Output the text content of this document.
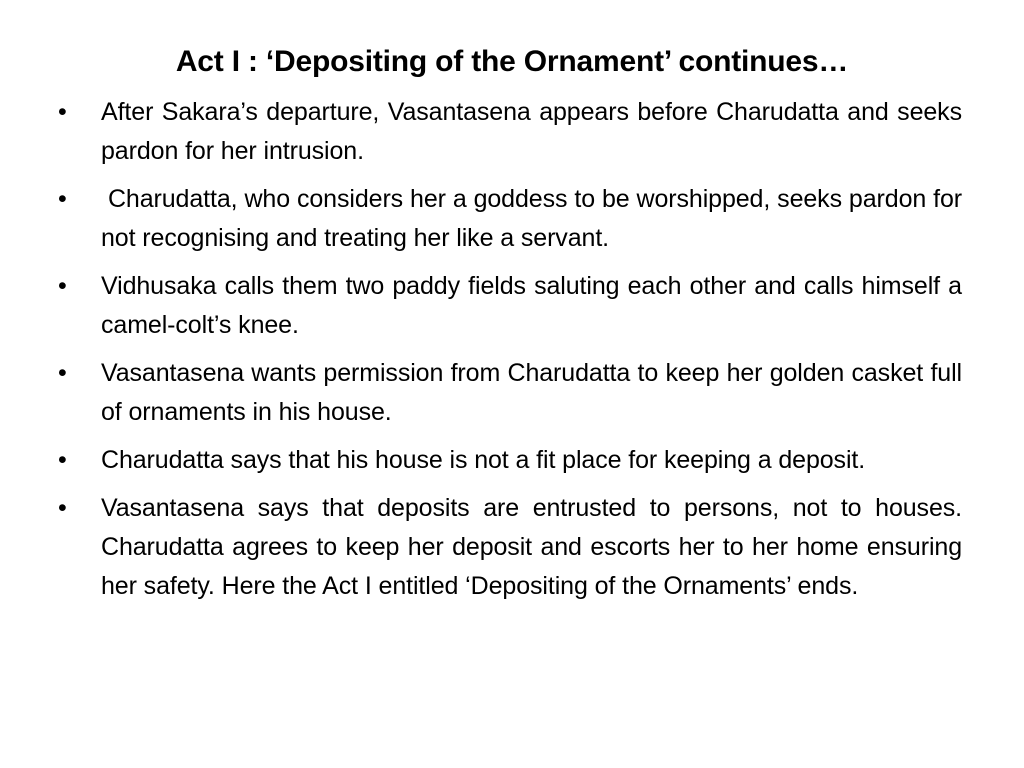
Act I : ‘Depositing of the Ornament’ continues…
•	After Sakara’s departure, Vasantasena appears before Charudatta and seeks pardon for her intrusion.
•	Charudatta, who considers her a goddess to be worshipped, seeks pardon for not recognising and treating her like a servant.
•	Vidhusaka calls them two paddy fields saluting each other and calls himself a camel-colt’s knee.
•	Vasantasena wants permission from Charudatta to keep her golden casket full of ornaments in his house.
•	Charudatta says that his house is not a fit place for keeping a deposit.
•	Vasantasena says that deposits are entrusted to persons, not to houses. Charudatta agrees to keep her deposit and escorts her to her home ensuring her safety. Here the Act I entitled ‘Depositing of the Ornaments’ ends.
